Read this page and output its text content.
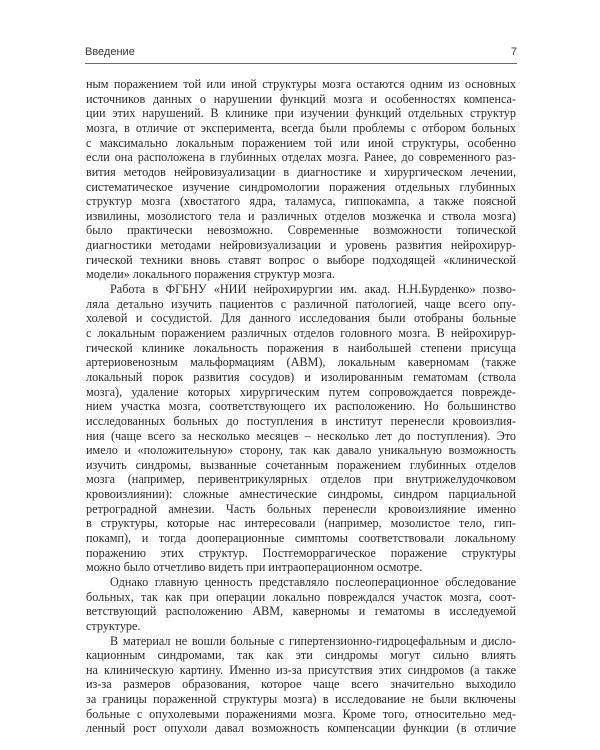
Введение	7
ным поражением той или иной структуры мозга остаются одним из основных
источников данных о нарушении функций мозга и особенностях компенса-
ции этих нарушений. В клинике при изучении функций отдельных структур
мозга, в отличие от эксперимента, всегда были проблемы с отбором больных
с максимально локальным поражением той или иной структуры, особенно
если она расположена в глубинных отделах мозга. Ранее, до современного раз-
вития методов нейровизуализации в диагностике и хирургическом лечении,
систематическое изучение синдромологии поражения отдельных глубинных
структур мозга (хвостатого ядра, таламуса, гиппокампа, а также поясной
извилины, мозолистого тела и различных отделов мозжечка и ствола мозга)
было практически невозможно. Современные возможности топической
диагностики методами нейровизуализации и уровень развития нейрохирур-
гической техники вновь ставят вопрос о выборе подходящей «клинической
модели» локального поражения структур мозга.
Работа в ФГБНУ «НИИ нейрохирургии им. акад. Н.Н.Бурденко» позво-
ляла детально изучить пациентов с различной патологией, чаще всего опу-
холевой и сосудистой. Для данного исследования были отобраны больные
с локальным поражением различных отделов головного мозга. В нейрохирур-
гической клинике локальность поражения в наибольшей степени присуща
артериовенозным мальформациям (АВМ), локальным каверномам (также
локальный порок развития сосудов) и изолированным гематомам (ствола
мозга), удаление которых хирургическим путем сопровождается поврежде-
нием участка мозга, соответствующего их расположению. Но большинство
исследованных больных до поступления в институт перенесли кровоизлия-
ния (чаще всего за несколько месяцев – несколько лет до поступления). Это
имело и «положительную» сторону, так как давало уникальную возможность
изучить синдромы, вызванные сочетанным поражением глубинных отделов
мозга (например, перивентрикулярных отделов при внутрижелудочковом
кровоизлиянии): сложные амнестические синдромы, синдром парциальной
ретроградной амнезии. Часть больных перенесли кровоизлияние именно
в структуры, которые нас интересовали (например, мозолистое тело, гип-
покамп), и тогда дооперационные симптомы соответствовали локальному
поражению этих структур. Постгеморрагическое поражение структуры
можно было отчетливо видеть при интраоперационном осмотре.
Однако главную ценность представляло послеоперационное обследование
больных, так как при операции локально повреждался участок мозга, соот-
ветствующий расположению АВМ, каверномы и гематомы в исследуемой
структуре.
В материал не вошли больные с гипертензионно-гидроцефальным и дисло-
кационным синдромами, так как эти синдромы могут сильно влиять
на клиническую картину. Именно из-за присутствия этих синдромов (а также
из-за размеров образования, которое чаще всего значительно выходило
за границы пораженной структуры мозга) в исследование не были включены
больные с опухолевыми поражениями мозга. Кроме того, относительно мед-
ленный рост опухоли давал возможность компенсации функции (в отличие
